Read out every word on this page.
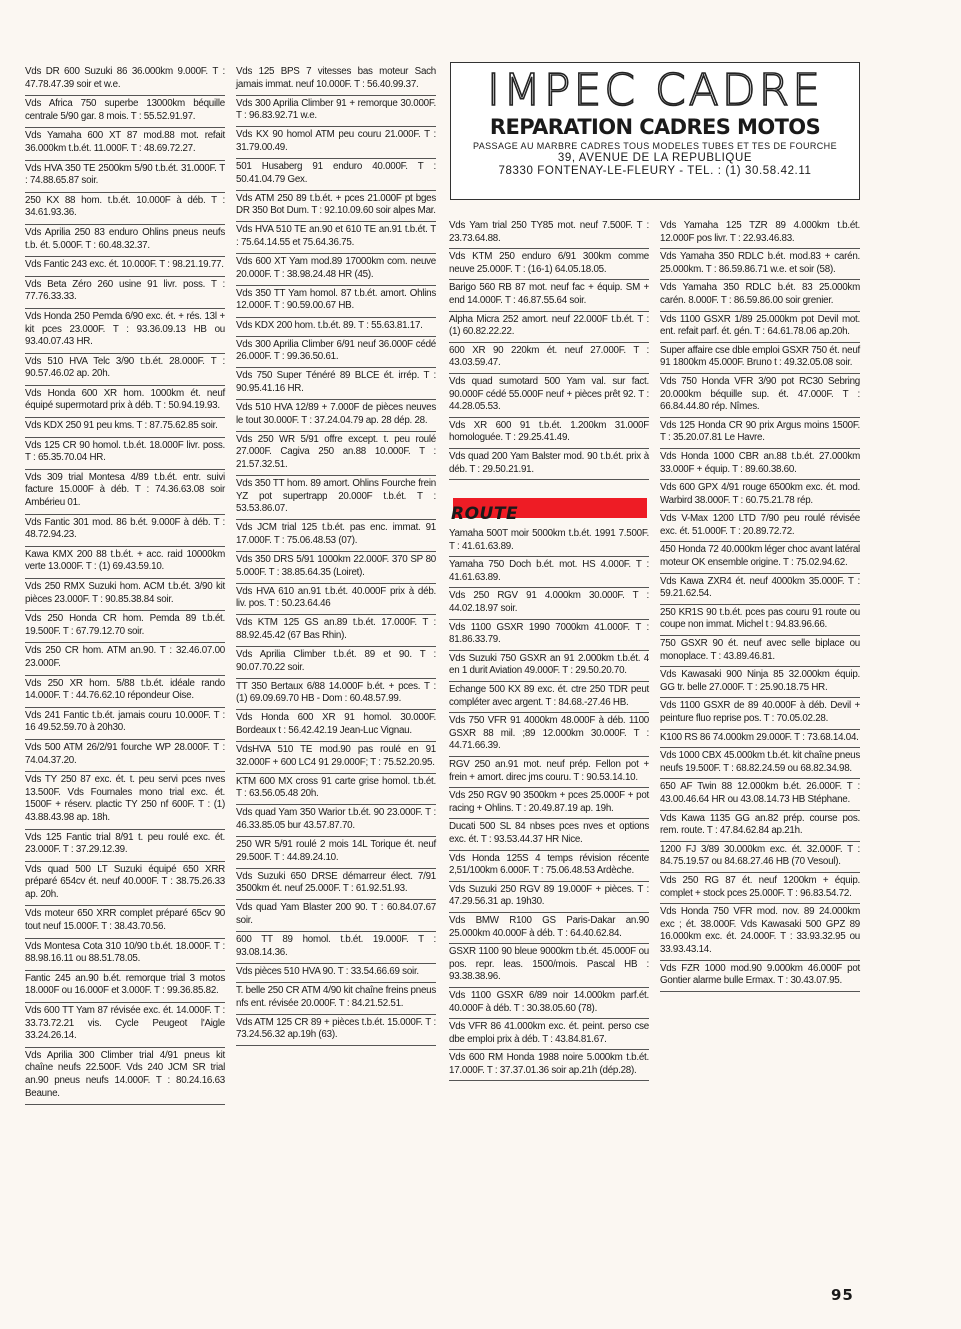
IMPEC CADRE
REPARATION CADRES MOTOS
PASSAGE AU MARBRE CADRES TOUS MODELES TUBES ET TES DE FOURCHE
39, AVENUE DE LA REPUBLIQUE
78330 FONTENAY-LE-FLEURY - TEL. : (1) 30.58.42.11
Vds DR 600 Suzuki 86 36.000km 9.000F. T : 47.78.47.39 soir et w.e.
Vds Africa 750 superbe 13000km béquille centrale 5/90 gar. 8 mois. T : 55.52.91.97.
Vds Yamaha 600 XT 87 mod.88 mot. refait 36.000km t.b.ét. 11.000F. T : 48.69.72.27.
Vds HVA 350 TE 2500km 5/90 t.b.ét. 31.000F. T : 74.88.65.87 soir.
250 KX 88 hom. t.b.ét. 10.000F à déb. T : 34.61.93.36.
Vds Aprilia 250 83 enduro Ohlins pneus neufs t.b. ét. 5.000F. T : 60.48.32.37.
Vds Fantic 243 exc. ét. 10.000F. T : 98.21.19.77.
Vds Beta Zéro 260 usine 91 livr. poss. T : 77.76.33.33.
Vds Honda 250 Pemda 6/90 exc. ét. + rés. 13l + kit pces 23.000F. T : 93.36.09.13 HB ou 93.40.07.43 HR.
Vds 510 HVA Telc 3/90 t.b.ét. 28.000F. T : 90.57.46.02 ap. 20h.
Vds Honda 600 XR hom. 1000km ét. neuf équipé supermotard prix à déb. T : 50.94.19.93.
Vds KDX 250 91 peu kms. T : 87.75.62.85 soir.
Vds 125 CR 90 homol. t.b.ét. 18.000F livr. poss. T : 65.35.70.04 HR.
Vds 309 trial Montesa 4/89 t.b.ét. entr. suivi facture 15.000F à déb. T : 74.36.63.08 soir Ambérieu 01.
Vds Fantic 301 mod. 86 b.ét. 9.000F à déb. T : 48.72.94.23.
Kawa KMX 200 88 t.b.ét. + acc. raid 10000km verte 13.000F. T : (1) 69.43.59.10.
Vds 250 RMX Suzuki hom. ACM t.b.ét. 3/90 kit pièces 23.000F. T : 90.85.38.84 soir.
Vds 250 Honda CR hom. Pemda 89 t.b.ét. 19.500F. T : 67.79.12.70 soir.
Vds 250 CR hom. ATM an.90. T : 32.46.07.00 23.000F.
Vds 250 XR hom. 5/88 t.b.ét. idéale rando 14.000F. T : 44.76.62.10 répondeur Oise.
Vds 241 Fantic t.b.ét. jamais couru 10.000F. T : 16 49.52.59.70 à 20h30.
Vds 500 ATM 26/2/91 fourche WP 28.000F. T : 74.04.37.20.
Vds TY 250 87 exc. ét. t. peu servi pces nves 13.500F. Vds Fournales mono trial exc. ét. 1500F + réserv. plactic TY 250 nf 600F. T : (1) 43.88.43.98 ap. 18h.
Vds 125 Fantic trial 8/91 t. peu roulé exc. ét. 23.000F. T : 37.29.12.39.
Vds quad 500 LT Suzuki équipé 650 XRR préparé 654cv ét. neuf 40.000F. T : 38.75.26.33 ap. 20h.
Vds moteur 650 XRR complet préparé 65cv 90 tout neuf 15.000F. T : 38.43.70.56.
Vds Montesa Cota 310 10/90 t.b.ét. 18.000F. T : 88.98.16.11 ou 88.51.78.05.
Fantic 245 an.90 b.ét. remorque trial 3 motos 18.000F ou 16.000F et 3.000F. T : 99.36.85.82.
Vds 600 TT Yam 87 révisée exc. ét. 14.000F. T : 33.73.72.21 vis. Cycle Peugeot l'Aigle 33.24.26.14.
Vds Aprilia 300 Climber trial 4/91 pneus kit chaîne neufs 22.500F. Vds 240 JCM SR trial an.90 pneus neufs 14.000F. T : 80.24.16.63 Beaune.
Vds 125 BPS 7 vitesses bas moteur Sach jamais immat. neuf 10.000F. T : 56.40.99.37.
Vds 300 Aprilia Climber 91 + remorque 30.000F. T : 96.83.92.71 w.e.
Vds KX 90 homol ATM peu couru 21.000F. T : 31.79.00.49.
501 Husaberg 91 enduro 40.000F. T : 50.41.04.79 Gex.
Vds ATM 250 89 t.b.ét. + pces 21.000F pt bges DR 350 Bot Dum. T : 92.10.09.60 soir alpes Mar.
Vds HVA 510 TE an.90 et 610 TE an.91 t.b.ét. T : 75.64.14.55 et 75.64.36.75.
Vds 600 XT Yam mod.89 17000km com. neuve 20.000F. T : 38.98.24.48 HR (45).
Vds 350 TT Yam homol. 87 t.b.ét. amort. Ohlins 12.000F. T : 90.59.00.67 HB.
Vds KDX 200 hom. t.b.ét. 89. T : 55.63.81.17.
Vds 300 Aprilia Climber 6/91 neuf 36.000F cédé 26.000F. T : 99.36.50.61.
Vds 750 Super Ténéré 89 BLCE ét. irrép. T : 90.95.41.16 HR.
Vds 510 HVA 12/89 + 7.000F de pièces neuves le tout 30.000F. T : 37.24.04.79 ap. 28 dép. 28.
Vds 250 WR 5/91 offre except. t. peu roulé 27.000F. Cagiva 250 an.88 10.000F. T : 21.57.32.51.
Vds 350 TT hom. 89 amort. Ohlins Fourche frein YZ pot supertrapp 20.000F t.b.ét. T : 53.53.86.07.
Vds JCM trial 125 t.b.ét. pas enc. immat. 91 17.000F. T : 75.06.48.53 (07).
Vds 350 DRS 5/91 1000km 22.000F. 370 SP 80 5.000F. T : 38.85.64.35 (Loiret).
Vds HVA 610 an.91 t.b.ét. 40.000F prix à déb. liv. pos. T : 50.23.64.46
Vds KTM 125 GS an.89 t.b.ét. 17.000F. T : 88.92.45.42 (67 Bas Rhin).
Vds Aprilia Climber t.b.ét. 89 et 90. T : 90.07.70.22 soir.
TT 350 Bertaux 6/88 14.000F b.ét. + pces. T : (1) 69.09.69.70 HB - Dom : 60.48.57.99.
Vds Honda 600 XR 91 homol. 30.000F. Bordeaux t : 56.42.42.19 Jean-Luc Vignau.
VdsHVA 510 TE mod.90 pas roulé en 91 32.000F + 600 LC4 91 29.000F; T : 75.52.20.95.
KTM 600 MX cross 91 carte grise homol. t.b.ét. T : 63.56.05.48 20h.
Vds quad Yam 350 Warior t.b.ét. 90 23.000F. T : 46.33.85.05 bur 43.57.87.70.
250 WR 5/91 roulé 2 mois 14L Torique ét. neuf 29.500F. T : 44.89.24.10.
Vds Suzuki 650 DRSE démarreur élect. 7/91 3500km ét. neuf 25.000F. T : 61.92.51.93.
Vds quad Yam Blaster 200 90. T : 60.84.07.67 soir.
600 TT 89 homol. t.b.ét. 19.000F. T : 93.08.14.36.
Vds pièces 510 HVA 90. T : 33.54.66.69 soir.
T. belle 250 CR ATM 4/90 kit chaîne freins pneus nfs ent. révisée 20.000F. T : 84.21.52.51.
Vds ATM 125 CR 89 + pièces t.b.ét. 15.000F. T : 73.24.56.32 ap.19h (63).
Vds Yam trial 250 TY85 mot. neuf 7.500F. T : 23.73.64.88.
Vds KTM 250 enduro 6/91 300km comme neuve 25.000F. T : (16-1) 64.05.18.05.
Barigo 560 RB 87 mot. neuf fac + équip. SM + end 14.000F. T : 46.87.55.64 soir.
Alpha Micra 252 amort. neuf 22.000F t.b.ét. T : (1) 60.82.22.22.
600 XR 90 220km ét. neuf 27.000F. T : 43.03.59.47.
Vds quad sumotard 500 Yam val. sur fact. 90.000F cédé 55.000F neuf + pièces prêt 92. T : 44.28.05.53.
Vds XR 600 91 t.b.ét. 1.200km 31.000F homologuée. T : 29.25.41.49.
Vds quad 200 Yam Balster mod. 90 t.b.ét. prix à déb. T : 29.50.21.91.
ROUTE
Yamaha 500T moir 5000km t.b.ét. 1991 7.500F. T : 41.61.63.89.
Yamaha 750 Doch b.ét. mot. HS 4.000F. T : 41.61.63.89.
Vds 250 RGV 91 4.000km 30.000F. T : 44.02.18.97 soir.
Vds 1100 GSXR 1990 7000km 41.000F. T : 81.86.33.79.
Vds Suzuki 750 GSXR an 91 2.000km t.b.ét. 4 en 1 durit Aviation 49.000F. T : 29.50.20.70.
Echange 500 KX 89 exc. ét. ctre 250 TDR peut compléter avec argent. T : 84.68.-27.46 HB.
Vds 750 VFR 91 4000km 48.000F à déb. 1100 GSXR 88 mil. ;89 12.000km 30.000F. T : 44.71.66.39.
RGV 250 an.91 mot. neuf prép. Fellon pot + frein + amort. direc jms couru. T : 90.53.14.10.
Vds 250 RGV 90 3500km + pces 25.000F + pot racing + Ohlins. T : 20.49.87.19 ap. 19h.
Ducati 500 SL 84 nbses pces nves et options exc. ét. T : 93.53.44.37 HR Nice.
Vds Honda 125S 4 temps révision récente 2,51/100km 6.000F. T : 75.06.48.53 Ardèche.
Vds Suzuki 250 RGV 89 19.000F + pièces. T : 47.29.56.31 ap. 19h30.
Vds BMW R100 GS Paris-Dakar an.90 25.000km 40.000F à déb. T : 64.40.62.84.
GSXR 1100 90 bleue 9000km t.b.ét. 45.000F ou pos. repr. leas. 1500/mois. Pascal HB : 93.38.38.96.
Vds 1100 GSXR 6/89 noir 14.000km parf.ét. 40.000F à déb. T : 30.38.05.60 (78).
Vds VFR 86 41.000km exc. ét. peint. perso cse dbe emploi prix à déb. T : 43.84.81.67.
Vds 600 RM Honda 1988 noire 5.000km t.b.ét. 17.000F. T : 37.37.01.36 soir ap.21h (dép.28).
Vds Yamaha 125 TZR 89 4.000km t.b.ét. 12.000F pos livr. T : 22.93.46.83.
Vds Yamaha 350 RDLC b.ét. mod.83 + carén. 25.000km. T : 86.59.86.71 w.e. et soir (58).
Vds Yamaha 350 RDLC b.ét. 83 25.000km carén. 8.000F. T : 86.59.86.00 soir grenier.
Vds 1100 GSXR 1/89 25.000km pot Devil mot. ent. refait parf. ét. gén. T : 64.61.78.06 ap.20h.
Super affaire cse dble emploi GSXR 750 ét. neuf 91 1800km 45.000F. Bruno t : 49.32.05.08 soir.
Vds 750 Honda VFR 3/90 pot RC30 Sebring 20.000km béquille sup. ét. 47.000F. T : 66.84.44.80 rép. Nîmes.
Vds 125 Honda CR 90 prix Argus moins 1500F. T : 35.20.07.81 Le Havre.
Vds Honda 1000 CBR an.88 t.b.ét. 27.000km 33.000F + équip. T : 89.60.38.60.
Vds 600 GPX 4/91 rouge 6500km exc. ét. mod. Warbird 38.000F. T : 60.75.21.78 rép.
Vds V-Max 1200 LTD 7/90 peu roulé révisée exc. ét. 51.000F. T : 20.89.72.72.
450 Honda 72 40.000km léger choc avant latéral moteur OK ensemble origine. T : 75.02.94.62.
Vds Kawa ZXR4 ét. neuf 4000km 35.000F. T : 59.21.62.54.
250 KR1S 90 t.b.ét. pces pas couru 91 route ou coupe non immat. Michel t : 94.83.96.66.
750 GSXR 90 ét. neuf avec selle biplace ou monoplace. T : 43.89.46.81.
Vds Kawasaki 900 Ninja 85 32.000km équip. GG tr. belle 27.000F. T : 25.90.18.75 HR.
Vds 1100 GSXR de 89 40.000F à déb. Devil + peinture fluo reprise pos. T : 70.05.02.28.
K100 RS 86 74.000km 29.000F. T : 73.68.14.04.
Vds 1000 CBX 45.000km t.b.ét. kit chaîne pneus neufs 19.500F. T : 68.82.24.59 ou 68.82.34.98.
650 AF Twin 88 12.000km b.ét. 26.000F. T : 43.00.46.64 HR ou 43.08.14.73 HB Stéphane.
Vds Kawa 1135 GG an.82 prép. course pos. rem. route. T : 47.84.62.84 ap.21h.
1200 FJ 3/89 30.000km exc. ét. 32.000F. T : 84.75.19.57 ou 84.68.27.46 HB (70 Vesoul).
Vds 250 RG 87 ét. neuf 1200km + équip. complet + stock pces 25.000F. T : 96.83.54.72.
Vds Honda 750 VFR mod. nov. 89 24.000km exc ; ét. 38.000F. Vds Kawasaki 500 GPZ 89 16.000km exc. ét. 24.000F. T : 33.93.32.95 ou 33.93.43.14.
Vds FZR 1000 mod.90 9.000km 46.000F pot Gontier alarme bulle Ermax. T : 30.43.07.95.
95
